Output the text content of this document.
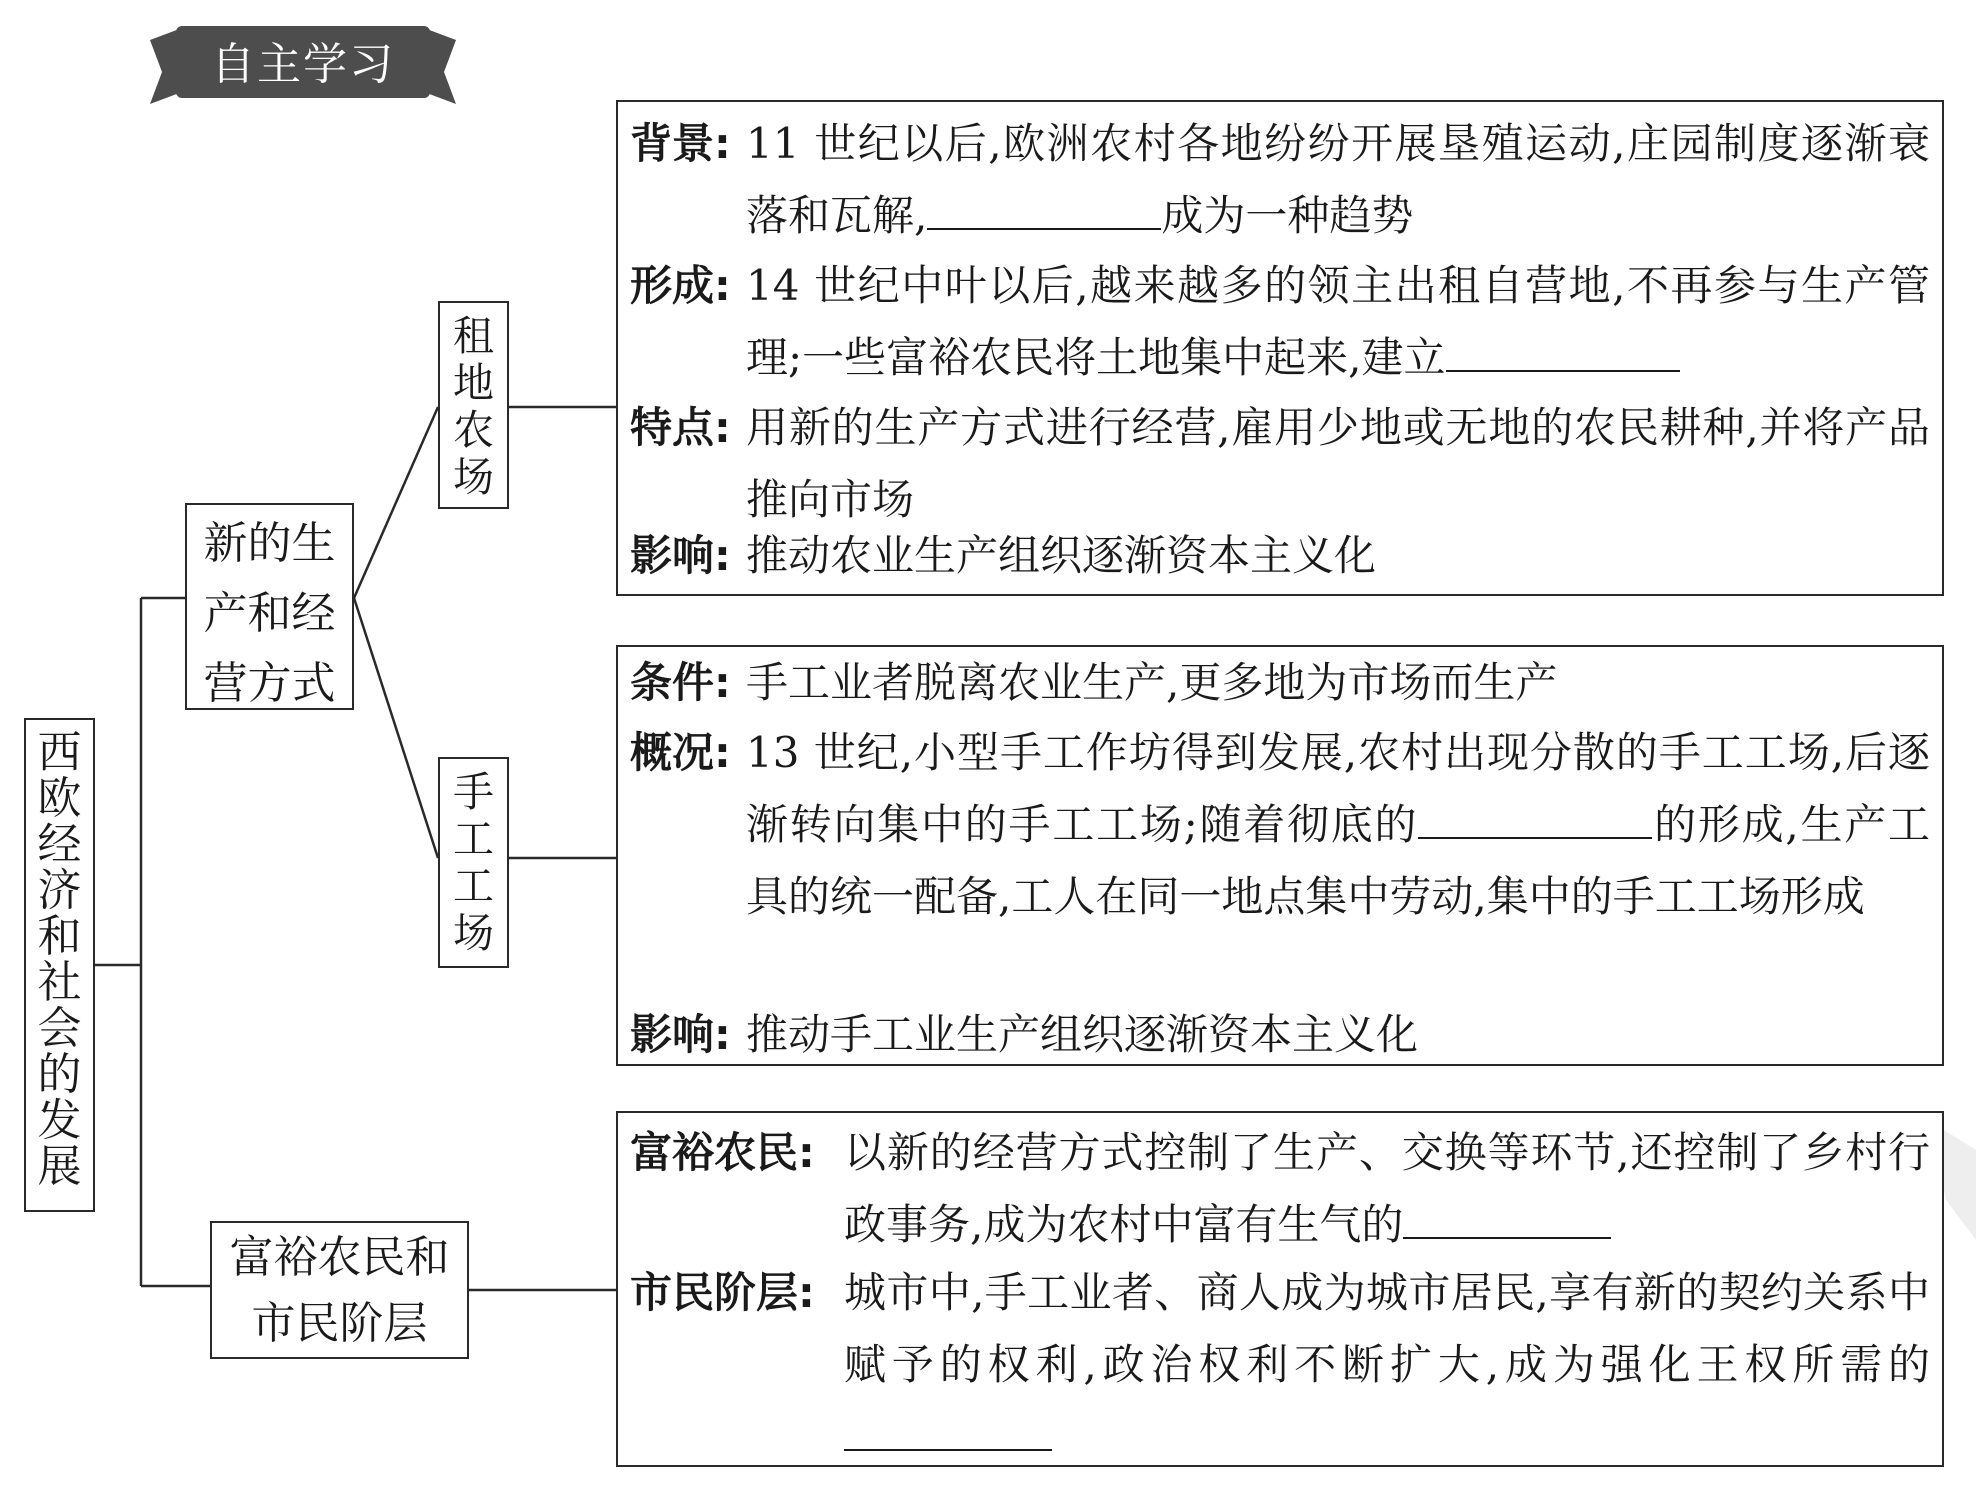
自主学习
西
欧
经
济
和
社
会
的
发
展
新的生
产和经
营方式
富裕农民和
市民阶层
租
地
农
场
手
工
工
场
背景: 11 世纪以后,欧洲农村各地纷纷开展垦殖运动,庄园制度逐渐衰落和瓦解,	成为一种趋势
形成: 14 世纪中叶以后,越来越多的领主出租自营地,不再参与生产管理;一些富裕农民将土地集中起来,建立
特点: 用新的生产方式进行经营,雇用少地或无地的农民耕种,并将产品推向市场
影响: 推动农业生产组织逐渐资本主义化
条件: 手工业者脱离农业生产,更多地为市场而生产
概况: 13 世纪,小型手工作坊得到发展,农村出现分散的手工工场,后逐渐转向集中的手工工场;随着彻底的	的形成,生产工具的统一配备,工人在同一地点集中劳动,集中的手工工场形成
影响: 推动手工业生产组织逐渐资本主义化
富裕农民: 以新的经营方式控制了生产、交换等环节,还控制了乡村行政事务,成为农村中富有生气的
市民阶层: 城市中,手工业者、商人成为城市居民,享有新的契约关系中赋予的权利,政治权利不断扩大,成为强化王权所需的
